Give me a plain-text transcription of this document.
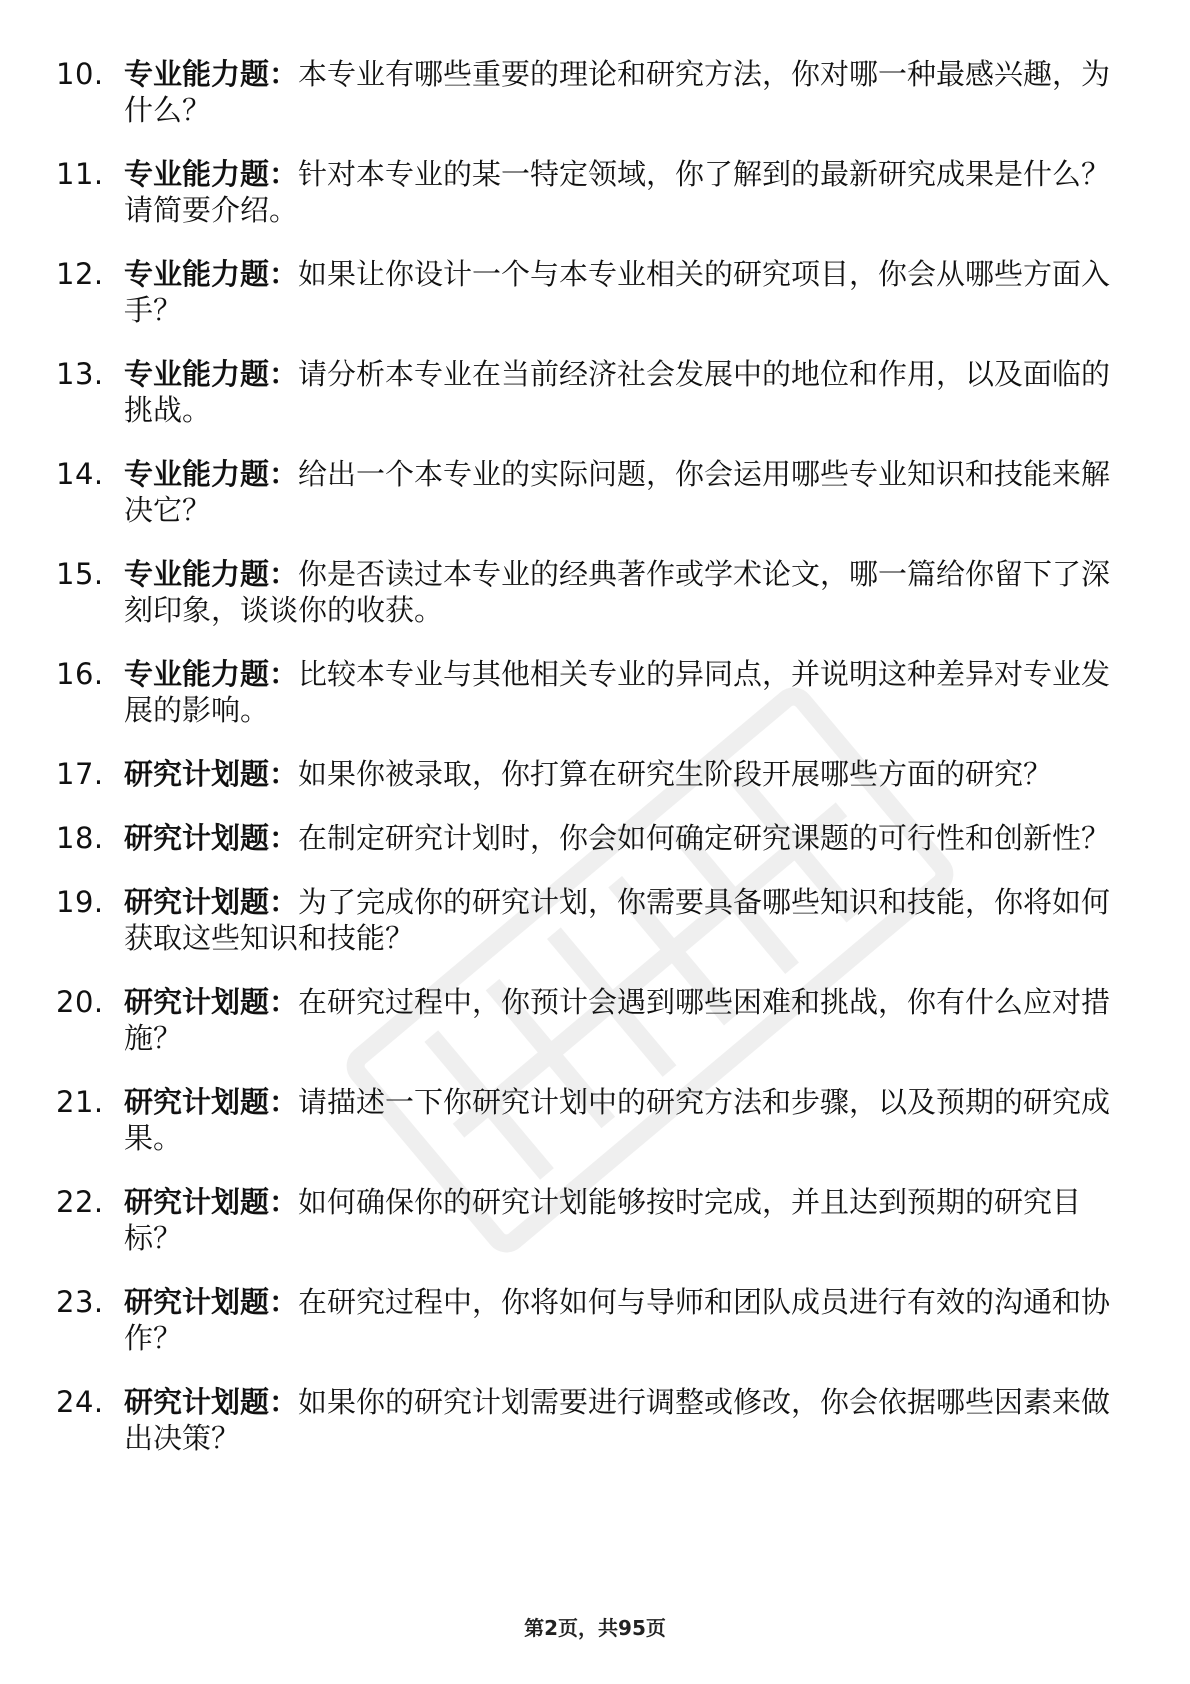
10. 专业能力题：本专业有哪些重要的理论和研究方法，你对哪一种最感兴趣，为什么？
11. 专业能力题：针对本专业的某一特定领域，你了解到的最新研究成果是什么？请简要介绍。
12. 专业能力题：如果让你设计一个与本专业相关的研究项目，你会从哪些方面入手？
13. 专业能力题：请分析本专业在当前经济社会发展中的地位和作用，以及面临的挑战。
14. 专业能力题：给出一个本专业的实际问题，你会运用哪些专业知识和技能来解决它？
15. 专业能力题：你是否读过本专业的经典著作或学术论文，哪一篇给你留下了深刻印象，谈谈你的收获。
16. 专业能力题：比较本专业与其他相关专业的异同点，并说明这种差异对专业发展的影响。
17. 研究计划题：如果你被录取，你打算在研究生阶段开展哪些方面的研究？
18. 研究计划题：在制定研究计划时，你会如何确定研究课题的可行性和创新性？
19. 研究计划题：为了完成你的研究计划，你需要具备哪些知识和技能，你将如何获取这些知识和技能？
20. 研究计划题：在研究过程中，你预计会遇到哪些困难和挑战，你有什么应对措施？
21. 研究计划题：请描述一下你研究计划中的研究方法和步骤，以及预期的研究成果。
22. 研究计划题：如何确保你的研究计划能够按时完成，并且达到预期的研究目标？
23. 研究计划题：在研究过程中，你将如何与导师和团队成员进行有效的沟通和协作？
24. 研究计划题：如果你的研究计划需要进行调整或修改，你会依据哪些因素来做出决策？
第2页，共95页
